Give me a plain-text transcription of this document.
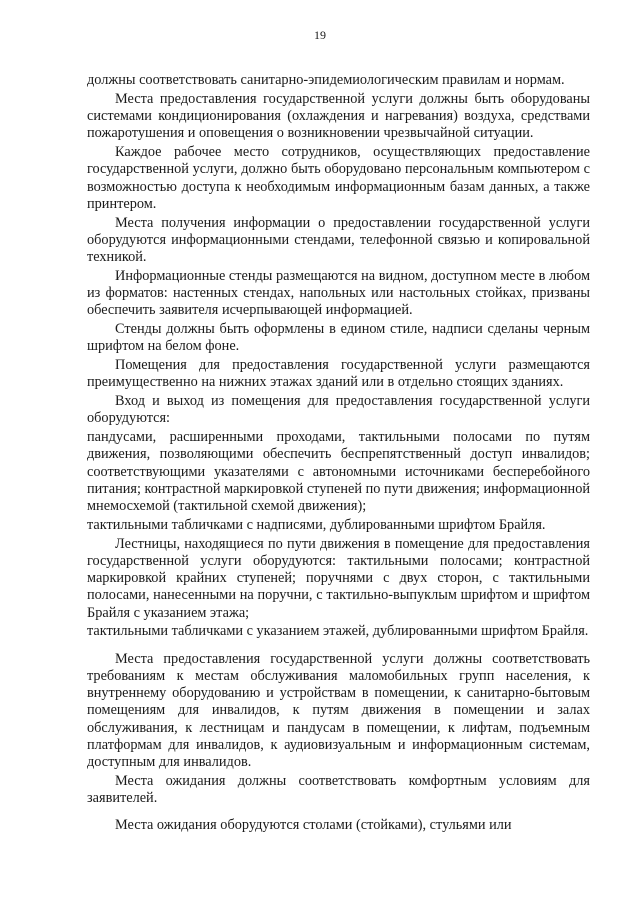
19

должны соответствовать санитарно-эпидемиологическим правилам и нормам.

Места предоставления государственной услуги должны быть оборудованы системами кондиционирования (охлаждения и нагревания) воздуха, средствами пожаротушения и оповещения о возникновении чрезвычайной ситуации.

Каждое рабочее место сотрудников, осуществляющих предоставление государственной услуги, должно быть оборудовано персональным компьютером с возможностью доступа к необходимым информационным базам данных, а также принтером.

Места получения информации о предоставлении государственной услуги оборудуются информационными стендами, телефонной связью и копировальной техникой.

Информационные стенды размещаются на видном, доступном месте в любом из форматов: настенных стендах, напольных или настольных стойках, призваны обеспечить заявителя исчерпывающей информацией.

Стенды должны быть оформлены в едином стиле, надписи сделаны черным шрифтом на белом фоне.

Помещения для предоставления государственной услуги размещаются преимущественно на нижних этажах зданий или в отдельно стоящих зданиях.

Вход и выход из помещения для предоставления государственной услуги оборудуются:

пандусами, расширенными проходами, тактильными полосами по путям движения, позволяющими обеспечить беспрепятственный доступ инвалидов; соответствующими указателями с автономными источниками бесперебойного питания; контрастной маркировкой ступеней по пути движения; информационной мнемосхемой (тактильной схемой движения);

тактильными табличками с надписями, дублированными шрифтом Брайля.

Лестницы, находящиеся по пути движения в помещение для предоставления государственной услуги оборудуются: тактильными полосами; контрастной маркировкой крайних ступеней; поручнями с двух сторон, с тактильными полосами, нанесенными на поручни, с тактильно-выпуклым шрифтом и шрифтом Брайля с указанием этажа;

тактильными табличками с указанием этажей, дублированными шрифтом Брайля.

Места предоставления государственной услуги должны соответствовать требованиям к местам обслуживания маломобильных групп населения, к внутреннему оборудованию и устройствам в помещении, к санитарно-бытовым помещениям для инвалидов, к путям движения в помещении и залах обслуживания, к лестницам и пандусам в помещении, к лифтам, подъемным платформам для инвалидов, к аудиовизуальным и информационным системам, доступным для инвалидов.

Места ожидания должны соответствовать комфортным условиям для заявителей.

Места ожидания оборудуются столами (стойками), стульями или
